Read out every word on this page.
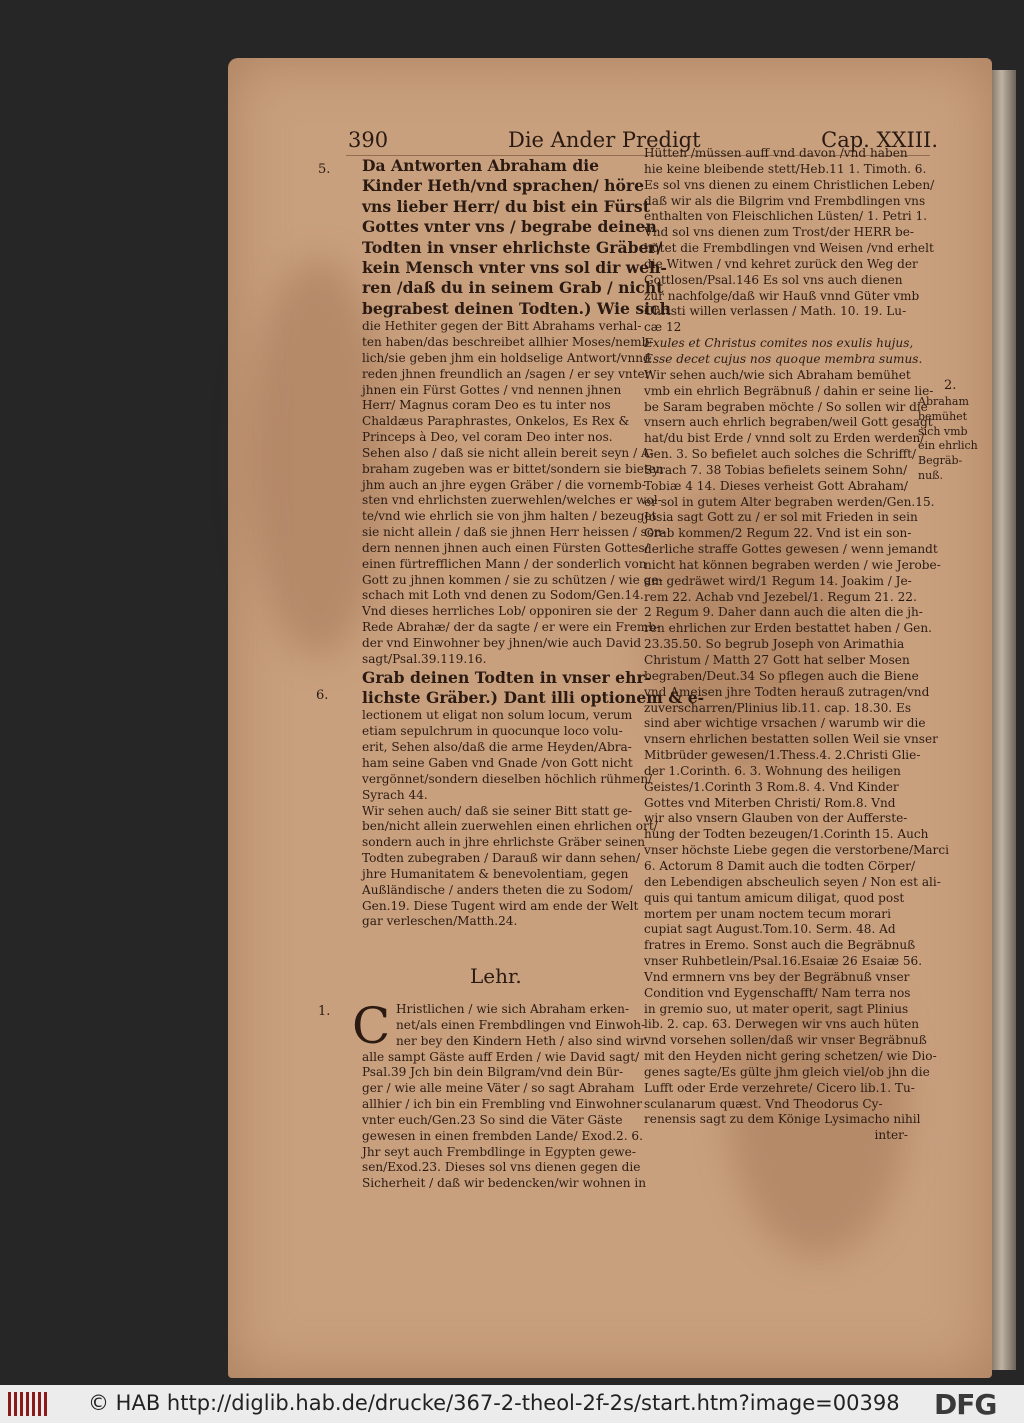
390	Die Ander Predigt	Cap. XXIII.
5.
6.
1.
Da Antworten Abraham die
Kinder Heth/vnd sprachen/ höre
vns lieber Herr/ du bist ein Fürst
Gottes vnter vns / begrabe deinen
Todten in vnser ehrlichste Gräber/
kein Mensch vnter vns sol dir weh-
ren /daß du in seinem Grab / nicht
begrabest deinen Todten.) Wie sich
die Hethiter gegen der Bitt Abrahams verhal-
ten haben/das beschreibet allhier Moses/nemb-
lich/sie geben jhm ein holdselige Antwort/vnnd
reden jhnen freundlich an /sagen / er sey vnter
jhnen ein Fürst Gottes / vnd nennen jhnen
Herr/ Magnus coram Deo es tu inter nos
Chaldæus Paraphrastes, Onkelos, Es Rex &
Princeps à Deo, vel coram Deo inter nos.
Sehen also / daß sie nicht allein bereit seyn / A-
braham zugeben was er bittet/sondern sie bieten
jhm auch an jhre eygen Gräber / die vornemb-
sten vnd ehrlichsten zuerwehlen/welches er wol-
te/vnd wie ehrlich sie von jhm halten / bezeuget
sie nicht allein / daß sie jhnen Herr heissen / son-
dern nennen jhnen auch einen Fürsten Gottes/
einen fürtrefflichen Mann / der sonderlich von
Gott zu jhnen kommen / sie zu schützen / wie ge-
schach mit Loth vnd denen zu Sodom/Gen.14.
Vnd dieses herrliches Lob/ opponiren sie der
Rede Abrahæ/ der da sagte / er were ein Fremb-
der vnd Einwohner bey jhnen/wie auch David
sagt/Psal.39.119.16.
Grab deinen Todten in vnser ehr-
lichste Gräber.) Dant illi optionem & e-
lectionem ut eligat non solum locum, verum
etiam sepulchrum in quocunque loco volu-
erit, Sehen also/daß die arme Heyden/Abra-
ham seine Gaben vnd Gnade /von Gott nicht
vergönnet/sondern dieselben höchlich rühmen/
Syrach 44.
Wir sehen auch/ daß sie seiner Bitt statt ge-
ben/nicht allein zuerwehlen einen ehrlichen ort/
sondern auch in jhre ehrlichste Gräber seinen
Todten zubegraben / Darauß wir dann sehen/
jhre Humanitatem & benevolentiam, gegen
Außländische / anders theten die zu Sodom/
Gen.19. Diese Tugent wird am ende der Welt
gar verleschen/Matth.24.
Lehr.
C Hristlichen / wie sich Abraham erken-
net/als einen Frembdlingen vnd Einwoh-
ner bey den Kindern Heth / also sind wir
alle sampt Gäste auff Erden / wie David sagt/
Psal.39 Jch bin dein Bilgram/vnd dein Bür-
ger / wie alle meine Väter / so sagt Abraham
allhier / ich bin ein Frembling vnd Einwohner
vnter euch/Gen.23 So sind die Väter Gäste
gewesen in einen frembden Lande/ Exod.2. 6.
Jhr seyt auch Frembdlinge in Egypten gewe-
sen/Exod.23. Dieses sol vns dienen gegen die
Sicherheit / daß wir bedencken/wir wohnen in
Hütten /müssen auff vnd davon /vnd haben
hie keine bleibende stett/Heb.11 1. Timoth. 6.
Es sol vns dienen zu einem Christlichen Leben/
daß wir als die Bilgrim vnd Frembdlingen vns
enthalten von Fleischlichen Lüsten/ 1. Petri 1.
Vnd sol vns dienen zum Trost/der HERR be-
hütet die Frembdlingen vnd Weisen /vnd erhelt
die Witwen / vnd kehret zurück den Weg der
Gottlosen/Psal.146 Es sol vns auch dienen
zur nachfolge/daß wir Hauß vnnd Güter vmb
Christi willen verlassen / Math. 10. 19. Lu-
cæ 12
Exules et Christus comites nos exulis hujus,
Esse decet cujus nos quoque membra sumus.
Wir sehen auch/wie sich Abraham bemühet
vmb ein ehrlich Begräbnuß / dahin er seine lie-
be Saram begraben möchte / So sollen wir die
vnsern auch ehrlich begraben/weil Gott gesagt
hat/du bist Erde / vnnd solt zu Erden werden/
Gen. 3. So befielet auch solches die Schrifft/
Syrach 7. 38 Tobias befielets seinem Sohn/
Tobiæ 4 14. Dieses verheist Gott Abraham/
er sol in gutem Alter begraben werden/Gen.15.
Josia sagt Gott zu / er sol mit Frieden in sein
Grab kommen/2 Regum 22. Vnd ist ein son-
derliche straffe Gottes gewesen / wenn jemandt
nicht hat können begraben werden / wie Jerobe-
am gedräwet wird/1 Regum 14. Joakim / Je-
rem 22. Achab vnd Jezebel/1. Regum 21. 22.
2 Regum 9. Daher dann auch die alten die jh-
ren ehrlichen zur Erden bestattet haben / Gen.
23.35.50. So begrub Joseph von Arimathia
Christum / Matth 27 Gott hat selber Mosen
begraben/Deut.34 So pflegen auch die Biene
vnd Ameisen jhre Todten herauß zutragen/vnd
zuverscharren/Plinius lib.11. cap. 18.30. Es
sind aber wichtige vrsachen / warumb wir die
vnsern ehrlichen bestatten sollen Weil sie vnser
Mitbrüder gewesen/1.Thess.4. 2.Christi Glie-
der 1.Corinth. 6. 3. Wohnung des heiligen
Geistes/1.Corinth 3 Rom.8. 4. Vnd Kinder
Gottes vnd Miterben Christi/ Rom.8. Vnd
wir also vnsern Glauben von der Aufferste-
hung der Todten bezeugen/1.Corinth 15. Auch
vnser höchste Liebe gegen die verstorbene/Marci
6. Actorum 8 Damit auch die todten Cörper/
den Lebendigen abscheulich seyen / Non est ali-
quis qui tantum amicum diligat, quod post
mortem per unam noctem tecum morari
cupiat sagt August.Tom.10. Serm. 48. Ad
fratres in Eremo. Sonst auch die Begräbnuß
vnser Ruhbetlein/Psal.16.Esaiæ 26 Esaiæ 56.
Vnd ermnern vns bey der Begräbnuß vnser
Condition vnd Eygenschafft/ Nam terra nos
in gremio suo, ut mater operit, sagt Plinius
lib. 2. cap. 63. Derwegen wir vns auch hüten
vnd vorsehen sollen/daß wir vnser Begräbnuß
mit den Heyden nicht gering schetzen/ wie Dio-
genes sagte/Es gülte jhm gleich viel/ob jhn die
Lufft oder Erde verzehrete/ Cicero lib.1. Tu-
sculanarum quæst. Vnd Theodorus Cy-
renensis sagt zu dem Könige Lysimacho nihil
inter-
2.
Abraham
bemühet
sich vmb
ein ehrlich
Begräb-
nuß.
© HAB http://diglib.hab.de/drucke/367-2-theol-2f-2s/start.htm?image=00398 DFG
